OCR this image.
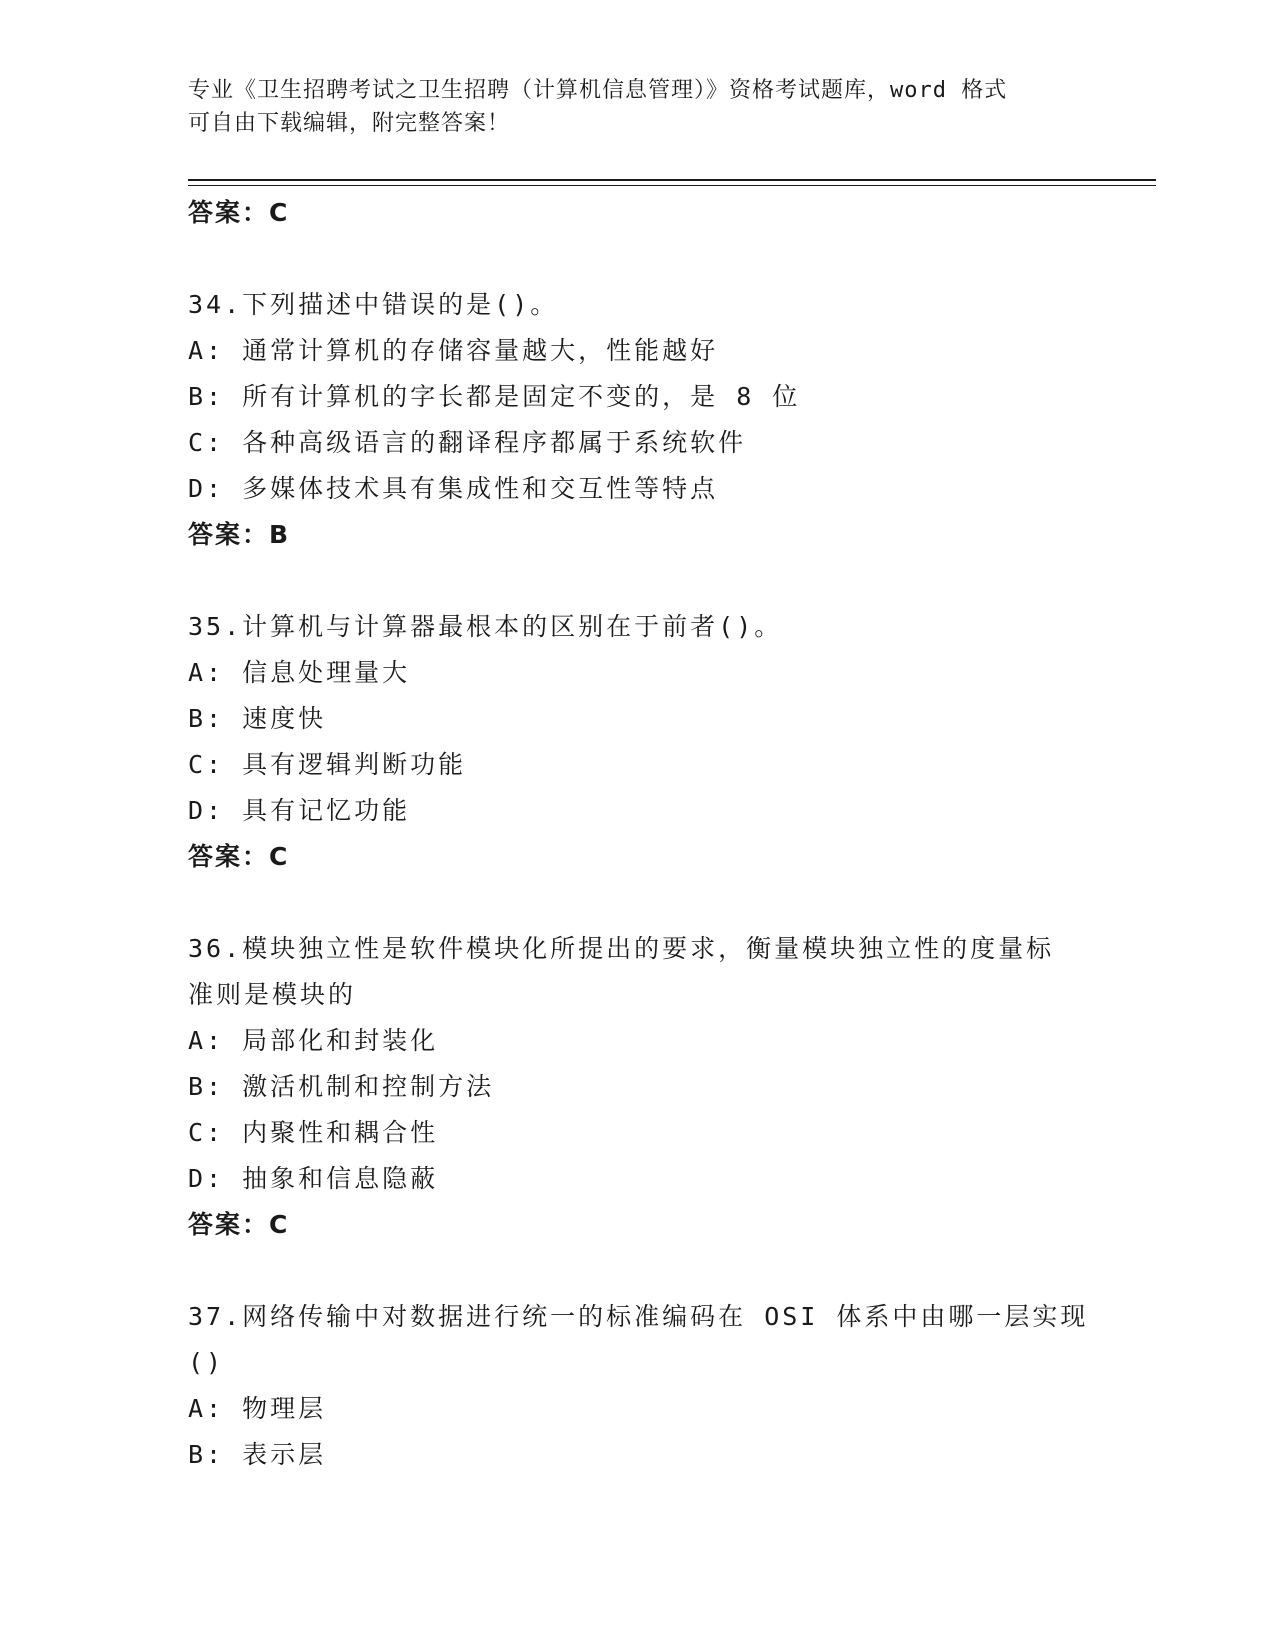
专业《卫生招聘考试之卫生招聘（计算机信息管理）》资格考试题库，word 格式
可自由下载编辑，附完整答案！
答案：C
34.下列描述中错误的是()。
A: 通常计算机的存储容量越大，性能越好
B: 所有计算机的字长都是固定不变的，是 8 位
C: 各种高级语言的翻译程序都属于系统软件
D: 多媒体技术具有集成性和交互性等特点
答案：B
35.计算机与计算器最根本的区别在于前者()。
A: 信息处理量大
B: 速度快
C: 具有逻辑判断功能
D: 具有记忆功能
答案：C
36.模块独立性是软件模块化所提出的要求，衡量模块独立性的度量标
准则是模块的
A: 局部化和封装化
B: 激活机制和控制方法
C: 内聚性和耦合性
D: 抽象和信息隐蔽
答案：C
37.网络传输中对数据进行统一的标准编码在 OSI 体系中由哪一层实现
()
A: 物理层
B: 表示层
